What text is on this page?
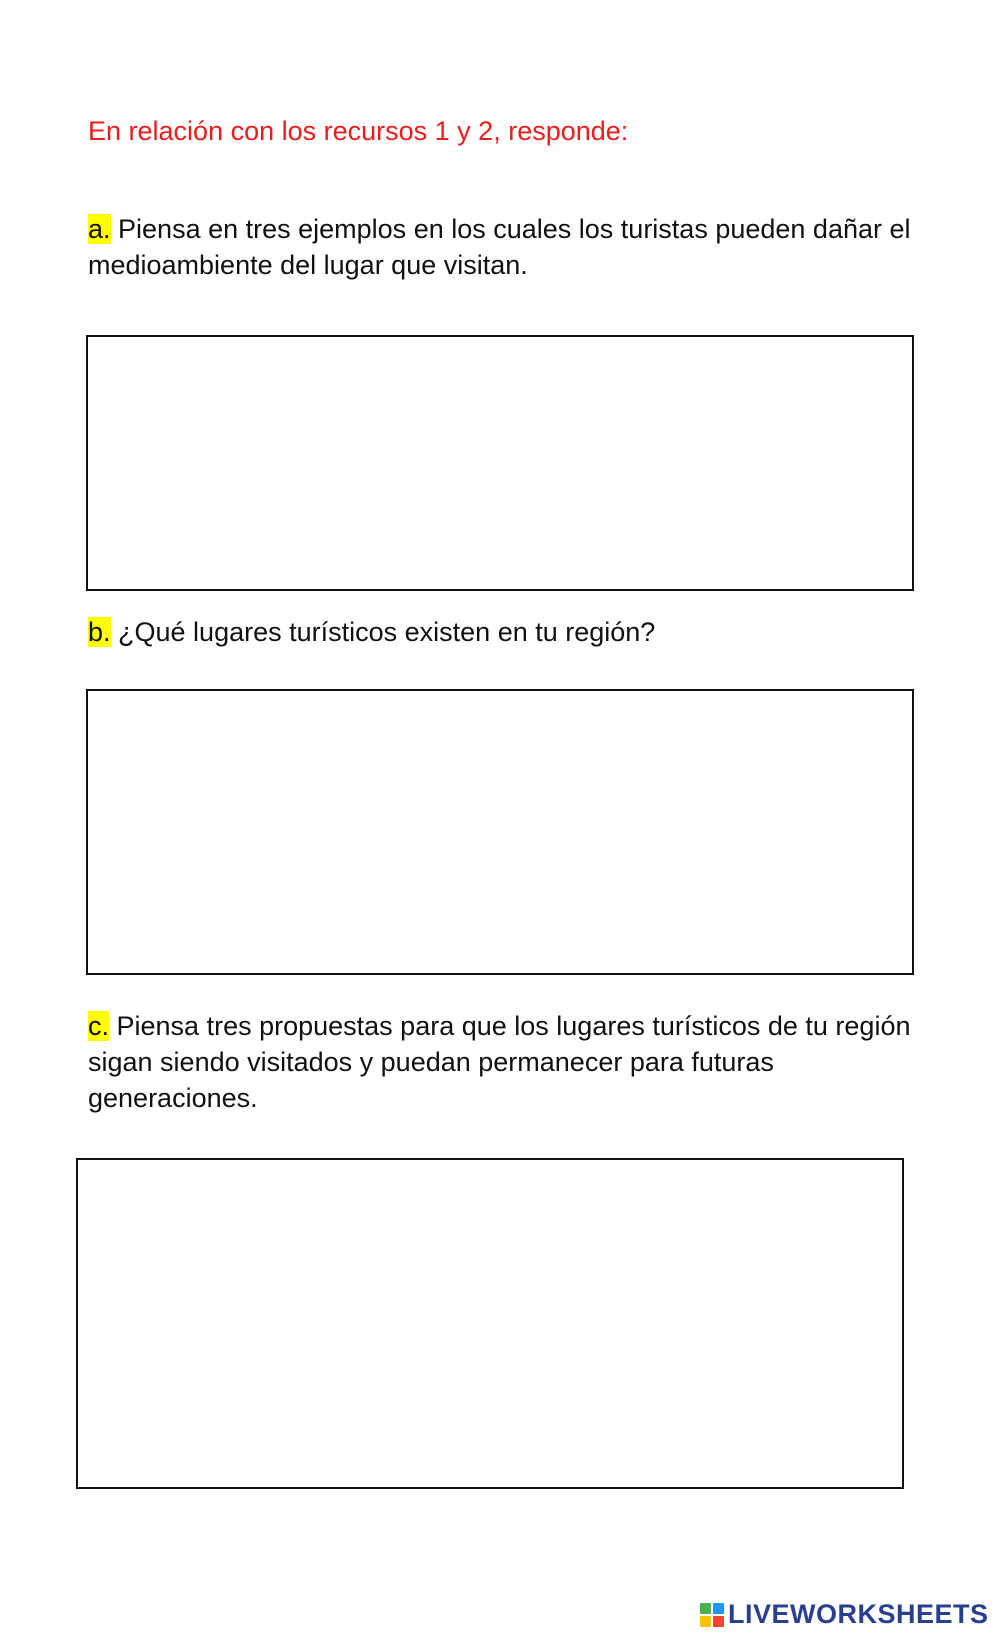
En relación con los recursos 1 y 2, responde:

a. Piensa en tres ejemplos en los cuales los turistas pueden dañar el medioambiente del lugar que visitan.

b. ¿Qué lugares turísticos existen en tu región?

c. Piensa tres propuestas para que los lugares turísticos de tu región sigan siendo visitados y puedan permanecer para futuras generaciones.

LIVEWORKSHEETS
